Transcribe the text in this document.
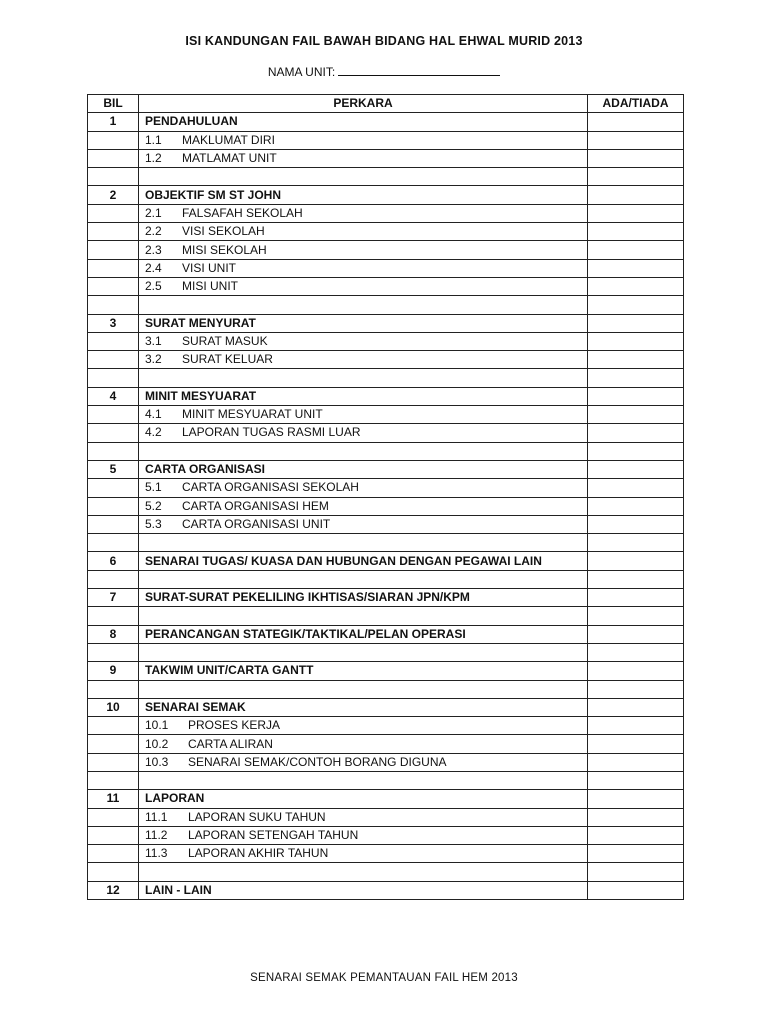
ISI KANDUNGAN FAIL BAWAH BIDANG HAL EHWAL MURID 2013
NAMA UNIT:
BIL	PERKARA	ADA/TIADA
1	PENDAHULUAN	
	1.1 MAKLUMAT DIRI	
	1.2 MATLAMAT UNIT	

2	OBJEKTIF SM ST JOHN	
	2.1 FALSAFAH SEKOLAH	
	2.2 VISI SEKOLAH	
	2.3 MISI SEKOLAH	
	2.4 VISI UNIT	
	2.5 MISI UNIT	

3	SURAT MENYURAT	
	3.1 SURAT MASUK	
	3.2 SURAT KELUAR	

4	MINIT MESYUARAT	
	4.1 MINIT MESYUARAT UNIT	
	4.2 LAPORAN TUGAS RASMI LUAR	

5	CARTA ORGANISASI	
	5.1 CARTA ORGANISASI SEKOLAH	
	5.2 CARTA ORGANISASI HEM	
	5.3 CARTA ORGANISASI UNIT	

6	SENARAI TUGAS/ KUASA DAN HUBUNGAN DENGAN PEGAWAI LAIN	

7	SURAT-SURAT PEKELILING IKHTISAS/SIARAN JPN/KPM	

8	PERANCANGAN STATEGIK/TAKTIKAL/PELAN OPERASI	

9	TAKWIM UNIT/CARTA GANTT	

10	SENARAI SEMAK	
	10.1 PROSES KERJA	
	10.2 CARTA ALIRAN	
	10.3 SENARAI SEMAK/CONTOH BORANG DIGUNA	

11	LAPORAN	
	11.1 LAPORAN SUKU TAHUN	
	11.2 LAPORAN SETENGAH TAHUN	
	11.3 LAPORAN AKHIR TAHUN	

12	LAIN - LAIN	
SENARAI SEMAK PEMANTAUAN FAIL HEM 2013
